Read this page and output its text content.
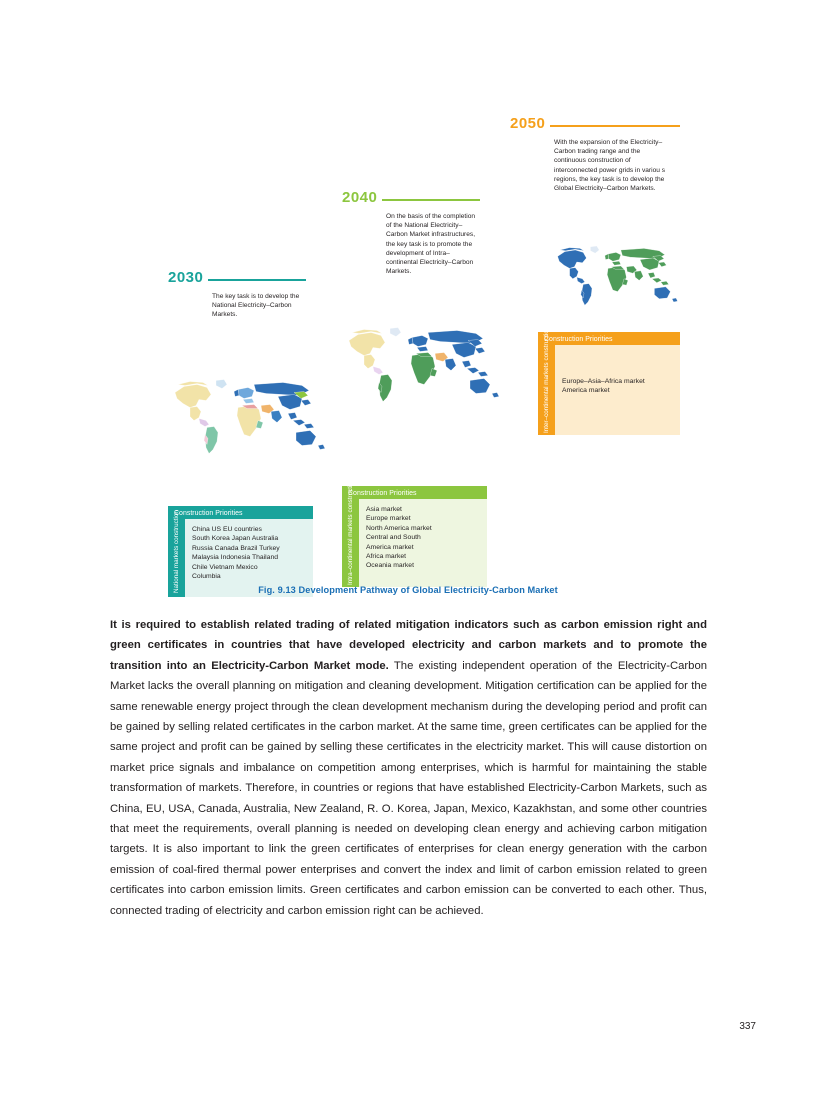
2030
The key task is to develop the National Electricity–Carbon Markets.
Construction Priorities
National markets construction China US EU countries
South Korea Japan Australia
Russia Canada Brazil Turkey
Malaysia Indonesia Thailand
Chile Vietnam Mexico
Columbia
2040
On the basis of the completion of the National Electricity–Carbon Market infrastructures, the key task is to promote the development of Intra–continental Electricity–Carbon Markets.
Construction Priorities
Intra–continental markets construction Asia market
Europe market
North America market
Central and South
America market
Africa market
Oceania market
2050
With the expansion of the Electricity–Carbon trading range and the continuous construction of interconnected power grids in variou s regions, the key task is to develop the Global Electricity–Carbon Markets.
Construction Priorities
Inter–continental markets construction Europe–Asia–Africa market
America market
Fig. 9.13 Development Pathway of Global Electricity-Carbon Market

It is required to establish related trading of related mitigation indicators such as carbon emission right and green certificates in countries that have developed electricity and carbon markets and to promote the transition into an Electricity-Carbon Market mode. The existing independent operation of the Electricity-Carbon Market lacks the overall planning on mitigation and cleaning development. Mitigation certification can be applied for the same renewable energy project through the clean development mechanism during the developing period and profit can be gained by selling related certificates in the carbon market. At the same time, green certificates can be applied for the same project and profit can be gained by selling these certificates in the electricity market. This will cause distortion on market price signals and imbalance on competition among enterprises, which is harmful for maintaining the stable transformation of markets. Therefore, in countries or regions that have established Electricity-Carbon Markets, such as China, EU, USA, Canada, Australia, New Zealand, R. O. Korea, Japan, Mexico, Kazakhstan, and some other countries that meet the requirements, overall planning is needed on developing clean energy and achieving carbon mitigation targets. It is also important to link the green certificates of enterprises for clean energy generation with the carbon emission of coal-fired thermal power enterprises and convert the index and limit of carbon emission related to green certificates into carbon emission limits. Green certificates and carbon emission can be converted to each other. Thus, connected trading of electricity and carbon emission right can be achieved.

337
